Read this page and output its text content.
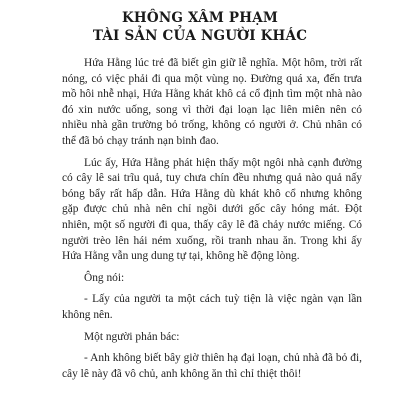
KHÔNG XÂM PHẠM
TÀI SẢN CỦA NGƯỜI KHÁC

Hứa Hằng lúc trẻ đã biết gìn giữ lễ nghĩa. Một hôm, trời rất nóng, có việc phải đi qua một vùng nọ. Đường quá xa, đến trưa mồ hôi nhễ nhại, Hứa Hằng khát khô cả cổ định tìm một nhà nào đó xin nước uống, song vì thời đại loạn lạc liên miên nên có nhiều nhà gần trường bỏ trống, không có người ở. Chủ nhân có thể đã bỏ chạy tránh nạn binh đao.

Lúc ấy, Hứa Hằng phát hiện thấy một ngôi nhà cạnh đường có cây lê sai trĩu quả, tuy chưa chín đều nhưng quả nào quả nấy bóng bẩy rất hấp dẫn. Hứa Hằng dù khát khô cổ nhưng không gặp được chủ nhà nên chỉ ngồi dưới gốc cây hóng mát. Đột nhiên, một số người đi qua, thấy cây lê đã chảy nước miếng. Có người trèo lên hái ném xuống, rồi tranh nhau ăn. Trong khi ấy Hứa Hằng vẫn ung dung tự tại, không hề động lòng.

Ông nói:

- Lấy của người ta một cách tuỳ tiện là việc ngàn vạn lần không nên.

Một người phản bác:

- Anh không biết bây giờ thiên hạ đại loạn, chủ nhà đã bỏ đi, cây lê này đã vô chủ, anh không ăn thì chỉ thiệt thôi!
